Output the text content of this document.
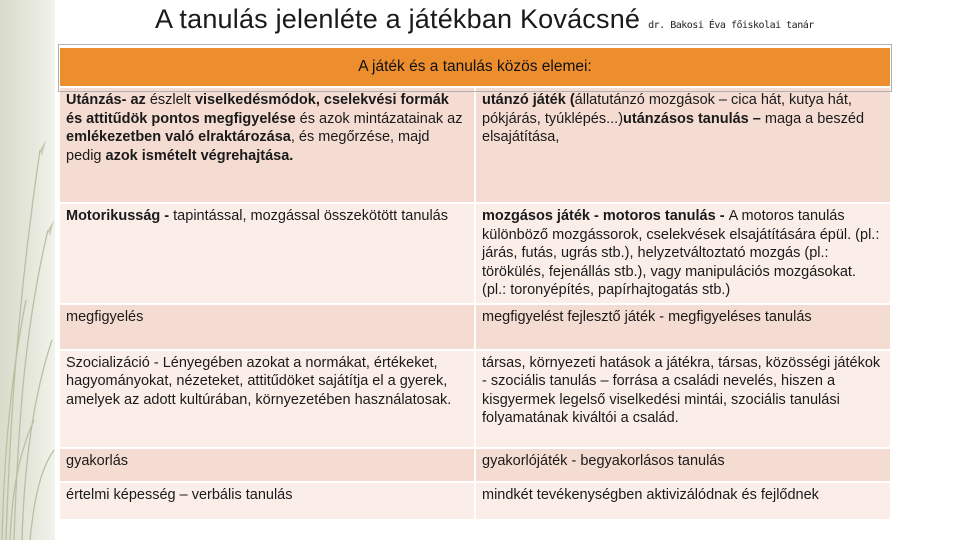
A tanulás jelenléte a játékban Kovácsné dr. Bakosi Éva főiskolai tanár
A játék és a tanulás közös elemei:	
Utánzás- az észlelt viselkedésmódok, cselekvési formák és attitűdök pontos megfigyelése és azok mintázatainak az emlékezetben való elraktározása, és megőrzése, majd pedig azok ismételt végrehajtása.	utánzó játék (állatutánzó mozgások – cica hát, kutya hát, pókjárás, tyúklépés...)utánzásos tanulás – maga a beszéd elsajátítása,
Motorikusság - tapintással, mozgással összekötött tanulás	mozgásos játék - motoros tanulás - A motoros tanulás különböző mozgássorok, cselekvések elsajátítására épül. (pl.: járás, futás, ugrás stb.), helyzetváltoztató mozgás (pl.: törökülés, fejenállás stb.), vagy manipulációs mozgásokat. (pl.: toronyépítés, papírhajtogatás stb.)
megfigyelés	megfigyelést fejlesztő játék - megfigyeléses tanulás
Szocializáció - Lényegében azokat a normákat, értékeket, hagyományokat, nézeteket, attitűdöket sajátítja el a gyerek, amelyek az adott kultúrában, környezetében használatosak.	társas, környezeti hatások a játékra, társas, közösségi játékok - szociális tanulás – forrása a családi nevelés, hiszen a kisgyermek legelső viselkedési mintái, szociális tanulási folyamatának kiváltói a család.
gyakorlás	gyakorlójáték - begyakorlásos tanulás
értelmi képesség – verbális tanulás	mindkét tevékenységben aktivizálódnak és fejlődnek
